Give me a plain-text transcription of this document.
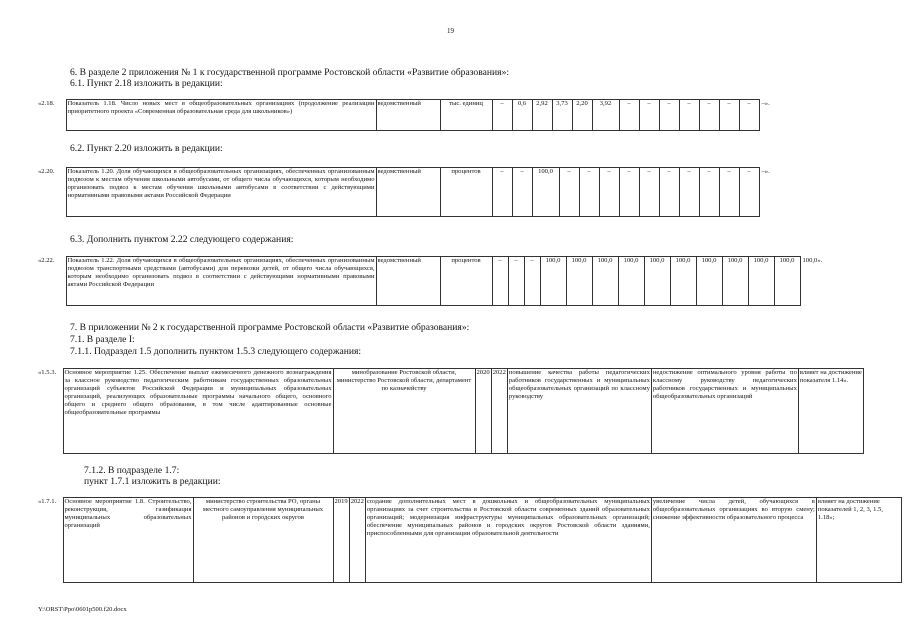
19
6. В разделе 2 приложения № 1 к государственной программе Ростовской области «Развитие образования»:
6.1. Пункт 2.18 изложить в редакции:
«2.18.	Показатель 1.18. Число новых мест в общеобразовательных организациях (продолжение реализации приоритетного проекта «Современная образовательная среда для школьников»)	ведомственный	тыс. единиц	–	0,6	2,92	3,73	2,20	3,92	–	–	–	–	–	–	–	–».
6.2. Пункт 2.20 изложить в редакции:
«2.20.	Показатель 1.20. Доля обучающихся в общеобразовательных организациях, обеспеченных организованным подвозом к местам обучения школьными автобусами, от общего числа обучающихся, которым необходимо организовать подвоз к местам обучения школьными автобусами в соответствии с действующими нормативными правовыми актами Российской Федерации	ведомственный	процентов	–	–	100,0	–	–	–	–	–	–	–	–	–	–	–».
6.3. Дополнить пунктом 2.22 следующего содержания:
«2.22.	Показатель 1.22. Доля обучающихся в общеобразовательных организациях, обеспеченных организованным подвозом транспортными средствами (автобусами) для перевозки детей, от общего числа обучающихся, которым необходимо организовать подвоз в соответствии с действующими нормативными правовыми актами Российской Федерации	ведомственный	процентов	–	–	–	100,0	100,0	100,0	100,0	100,0	100,0	100,0	100,0	100,0	100,0	100,0».
7. В приложении № 2 к государственной программе Ростовской области «Развитие образования»:
7.1. В разделе I:
7.1.1. Подраздел 1.5 дополнить пунктом 1.5.3 следующего содержания:
«1.5.3.	Основное мероприятие 1.25. Обеспечение выплат ежемесячного денежного вознаграждения за классное руководство педагогическим работникам государственных образовательных организаций субъектов Российской Федерации и муниципальных образовательных организаций, реализующих образовательные программы начального общего, основного общего и среднего общего образования, в том числе адаптированные основные общеобразовательные программы	минобразование Ростовской области, министерство Ростовской области, департамент по казначейству	2020	2022	повышение качества работы педагогических работников государственных и муниципальных общеобразовательных организаций по классному руководству	недостижение оптимального уровня работы по классному руководству педагогических работников государственных и муниципальных общеобразовательных организаций	влияет на достижение показателя 1.14».
7.1.2. В подразделе 1.7:
пункт 1.7.1 изложить в редакции:
«1.7.1.	Основное мероприятие 1.8. Строительство, реконструкция, газификация муниципальных образовательных организаций	министерство строительства РО, органы местного самоуправления муниципальных районов и городских округов	2019	2022	создание дополнительных мест в дошкольных и общеобразовательных муниципальных организациях за счет строительства в Ростовской области современных зданий образовательных организаций; модернизация инфраструктуры муниципальных образовательных организаций; обеспечение муниципальных районов и городских округов Ростовской области зданиями, приспособленными для организации образовательной деятельности	увеличение числа детей, обучающихся в общеобразовательных организациях во вторую смену; снижение эффективности образовательного процесса	влияет на достижение показателей 1, 2, 3, 1.5, 1.18»;
Y:\ORST\Ppo\0601p500.f20.docx
